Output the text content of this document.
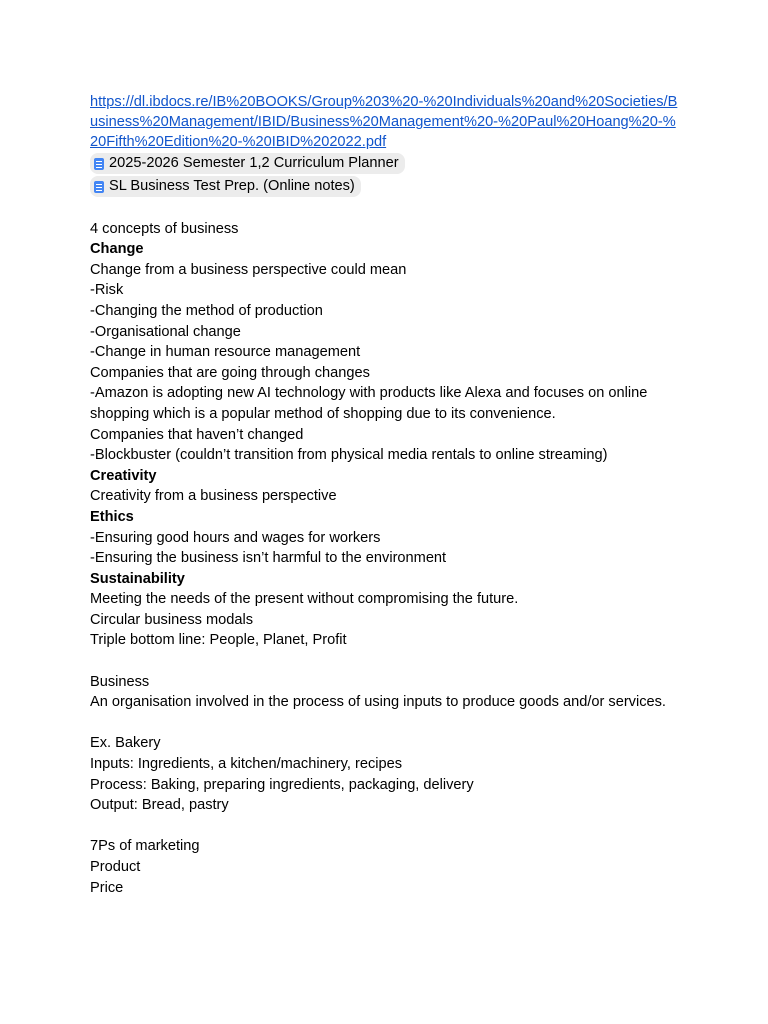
https://dl.ibdocs.re/IB%20BOOKS/Group%203%20-%20Individuals%20and%20Societies/Business%20Management/IBID/Business%20Management%20-%20Paul%20Hoang%20-%20Fifth%20Edition%20-%20IBID%202022.pdf
2025-2026 Semester 1,2 Curriculum Planner
SL Business Test Prep. (Online notes)
4 concepts of business
Change
Change from a business perspective could mean
-Risk
-Changing the method of production
-Organisational change
-Change in human resource management
Companies that are going through changes
-Amazon is adopting new AI technology with products like Alexa and focuses on online shopping which is a popular method of shopping due to its convenience.
Companies that haven’t changed
-Blockbuster (couldn’t transition from physical media rentals to online streaming)
Creativity
Creativity from a business perspective
Ethics
-Ensuring good hours and wages for workers
-Ensuring the business isn’t harmful to the environment
Sustainability
Meeting the needs of the present without compromising the future.
Circular business modals
Triple bottom line: People, Planet, Profit
Business
An organisation involved in the process of using inputs to produce goods and/or services.
Ex. Bakery
Inputs: Ingredients, a kitchen/machinery, recipes
Process: Baking, preparing ingredients, packaging, delivery
Output: Bread, pastry
7Ps of marketing
Product
Price
